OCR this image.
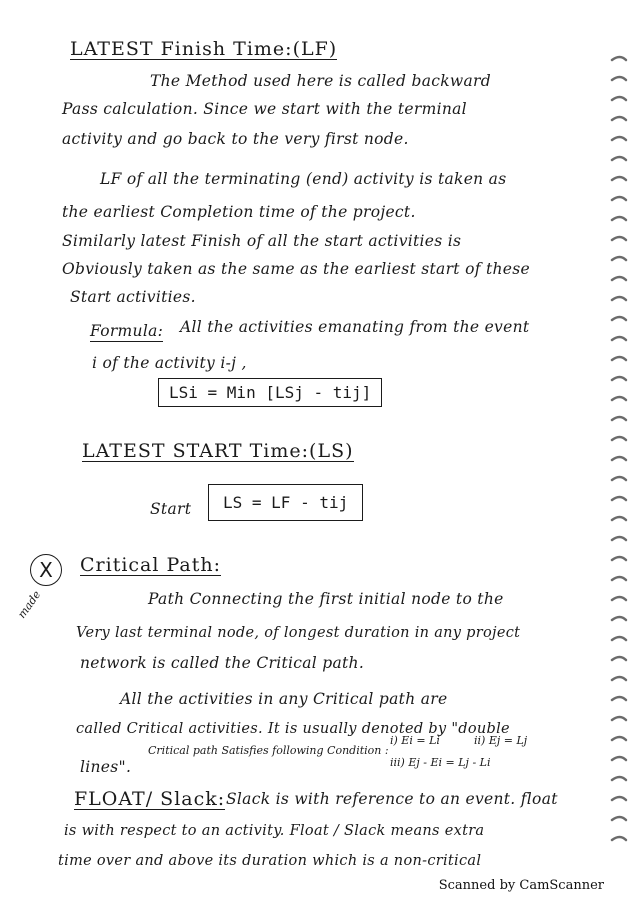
LATEST Finish Time:(LF)
The Method used here is called backward
Pass calculation. Since we start with the terminal
activity and go back to the very first node.
LF of all the terminating (end) activity is taken as
the earliest Completion time of the project.
Similarly latest Finish of all the start activities is
Obviously taken as the same as the earliest start of these
Start activities.
Formula: All the activities emanating from the event
i of the activity i-j ,
LSi = Min [LSj - tij]
LATEST START Time:(LS)
Start	LS = LF - tij
X
made
Critical Path:
Path Connecting the first initial node to the
Very last terminal node, of longest duration in any project
network is called the Critical path.
All the activities in any Critical path are
called Critical activities. It is usually denoted by "double
lines".
Critical path Satisfies following Condition :
i) Ei = Li	ii) Ej = Lj
iii) Ej - Ei = Lj - Li
FLOAT/ Slack: Slack is with reference to an event. float
is with respect to an activity. Float / Slack means extra
time over and above its duration which is a non-critical
Scanned by CamScanner
